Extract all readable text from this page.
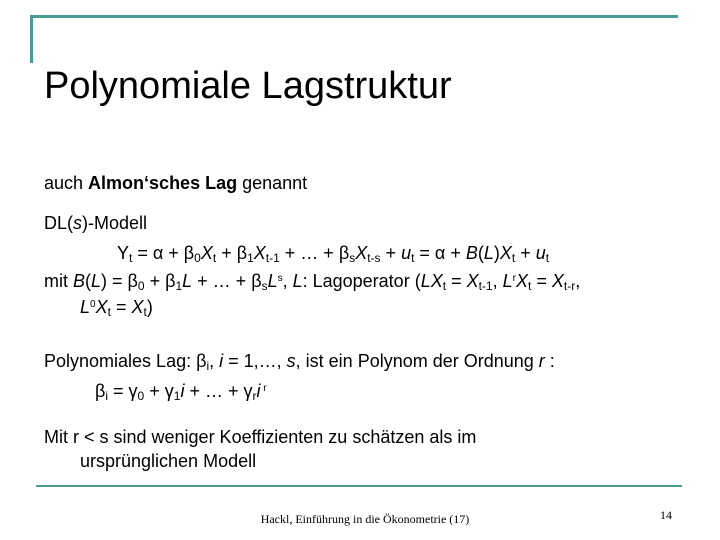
Polynomiale Lagstruktur
auch Almon‘sches Lag genannt
DL(s)-Modell
$Y_t = \alpha + \beta_0X_t + \beta_1X_{t-1}$ + … + $\beta_sX_{t-s} + u_t = \alpha + B(L)X_t + u_t$
mit $B(L) = \beta_0 + \beta_1L$ + … + $\beta_sL^s$, L: Lagoperator ($LX_t = X_{t-1}$, $L^rX_t = X_{t-r}$,
$L^0X_t = X_t$)
Polynomiales Lag: $\beta_i$, i = 1,…, s, ist ein Polynom der Ordnung r :
$\beta_i = \gamma_0 + \gamma_1i$ + … + $\gamma_ri$ $^r$
Mit r < s sind weniger Koeffizienten zu schätzen als im
ursprünglichen Modell
Hackl, Einführung in die Ökonometrie (17)	14
